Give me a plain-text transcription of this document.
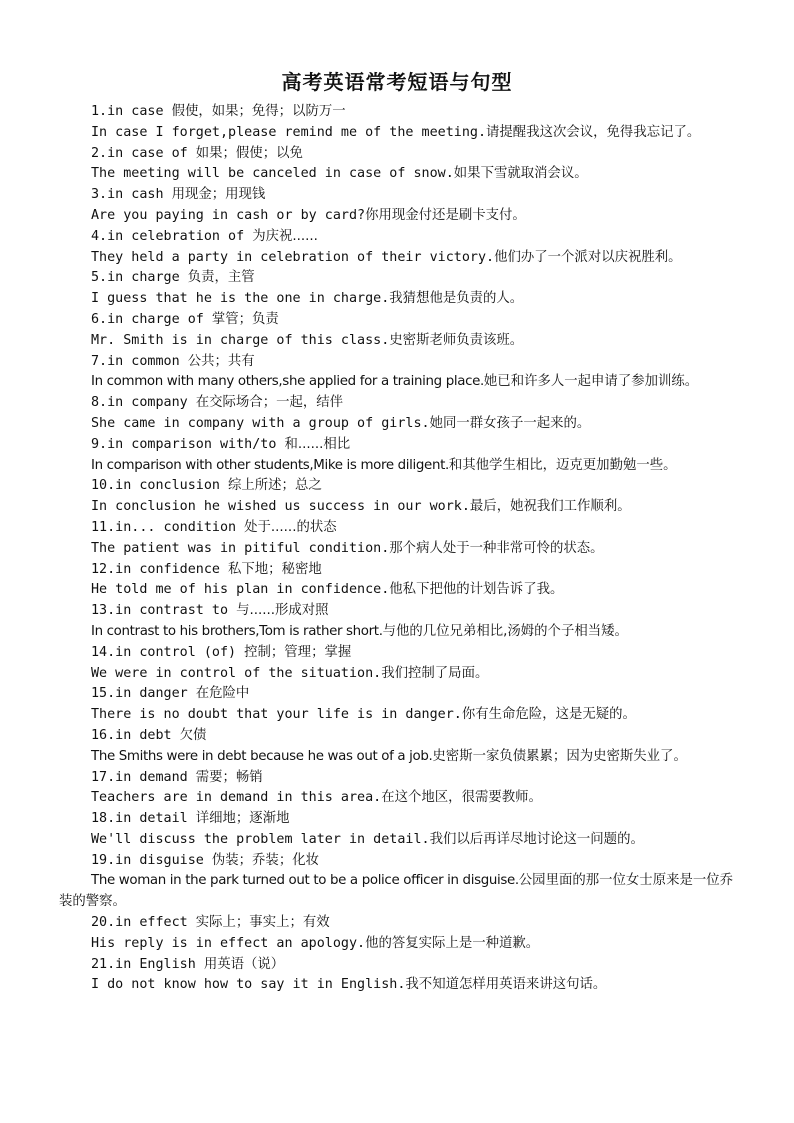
高考英语常考短语与句型
1.in case 假使，如果；免得；以防万一
In case I forget,please remind me of the meeting.请提醒我这次会议，免得我忘记了。
2.in case of 如果；假使；以免
The meeting will be canceled in case of snow.如果下雪就取消会议。
3.in cash 用现金；用现钱
Are you paying in cash or by card?你用现金付还是刷卡支付。
4.in celebration of 为庆祝......
They held a party in celebration of their victory.他们办了一个派对以庆祝胜利。
5.in charge 负责，主管
I guess that he is the one in charge.我猜想他是负责的人。
6.in charge of 掌管；负责
Mr. Smith is in charge of this class.史密斯老师负责该班。
7.in common 公共；共有
In common with many others,she applied for a training place.她已和许多人一起申请了参加训练。
8.in company 在交际场合；一起，结伴
She came in company with a group of girls.她同一群女孩子一起来的。
9.in comparison with/to 和......相比
In comparison with other students,Mike is more diligent.和其他学生相比，迈克更加勤勉一些。
10.in conclusion 综上所述；总之
In conclusion he wished us success in our work.最后，她祝我们工作顺利。
11.in... condition 处于......的状态
The patient was in pitiful condition.那个病人处于一种非常可怜的状态。
12.in confidence 私下地；秘密地
He told me of his plan in confidence.他私下把他的计划告诉了我。
13.in contrast to 与......形成对照
In contrast to his brothers,Tom is rather short.与他的几位兄弟相比,汤姆的个子相当矮。
14.in control (of) 控制；管理；掌握
We were in control of the situation.我们控制了局面。
15.in danger 在危险中
There is no doubt that your life is in danger.你有生命危险，这是无疑的。
16.in debt 欠债
The Smiths were in debt because he was out of a job.史密斯一家负债累累；因为史密斯失业了。
17.in demand 需要；畅销
Teachers are in demand in this area.在这个地区，很需要教师。
18.in detail 详细地；逐渐地
We'll discuss the problem later in detail.我们以后再详尽地讨论这一问题的。
19.in disguise 伪装；乔装；化妆
The woman in the park turned out to be a police officer in disguise.公园里面的那一位女士原来是一位乔装的警察。
20.in effect 实际上；事实上；有效
His reply is in effect an apology.他的答复实际上是一种道歉。
21.in English 用英语（说）
I do not know how to say it in English.我不知道怎样用英语来讲这句话。
